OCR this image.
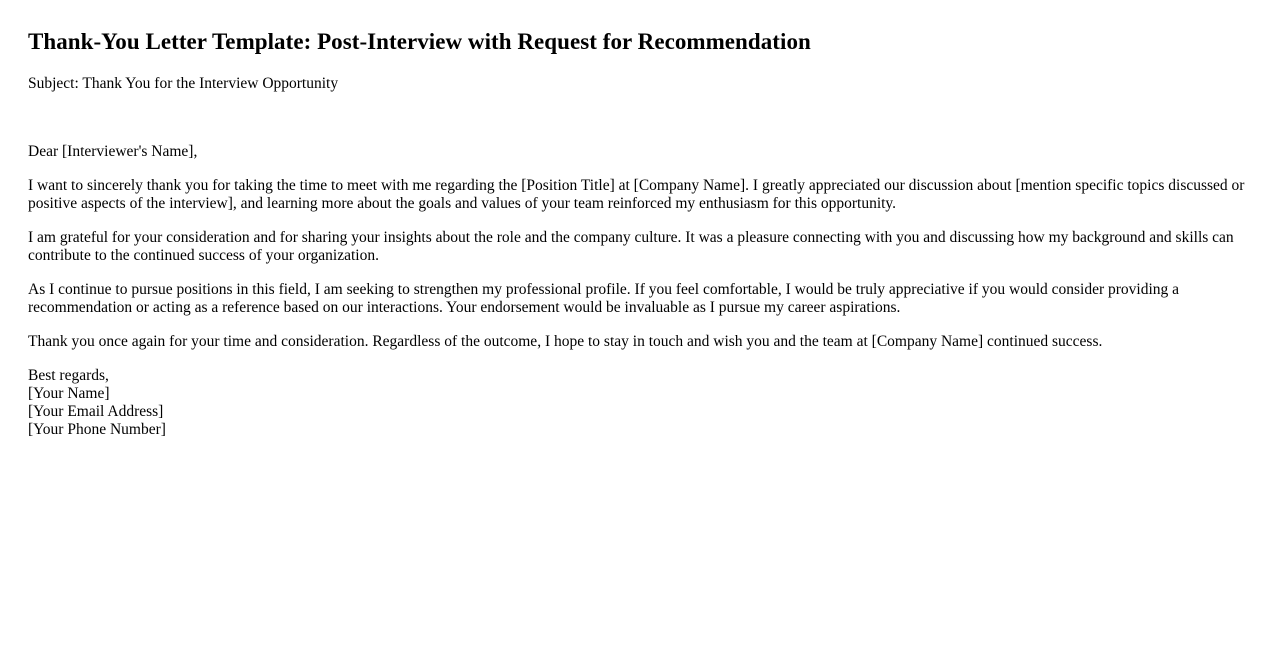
Thank-You Letter Template: Post-Interview with Request for Recommendation

Subject: Thank You for the Interview Opportunity

Dear [Interviewer's Name],

I want to sincerely thank you for taking the time to meet with me regarding the [Position Title] at [Company Name]. I greatly appreciated our discussion about [mention specific topics discussed or positive aspects of the interview], and learning more about the goals and values of your team reinforced my enthusiasm for this opportunity.

I am grateful for your consideration and for sharing your insights about the role and the company culture. It was a pleasure connecting with you and discussing how my background and skills can contribute to the continued success of your organization.

As I continue to pursue positions in this field, I am seeking to strengthen my professional profile. If you feel comfortable, I would be truly appreciative if you would consider providing a recommendation or acting as a reference based on our interactions. Your endorsement would be invaluable as I pursue my career aspirations.

Thank you once again for your time and consideration. Regardless of the outcome, I hope to stay in touch and wish you and the team at [Company Name] continued success.

Best regards,
[Your Name]
[Your Email Address]
[Your Phone Number]
